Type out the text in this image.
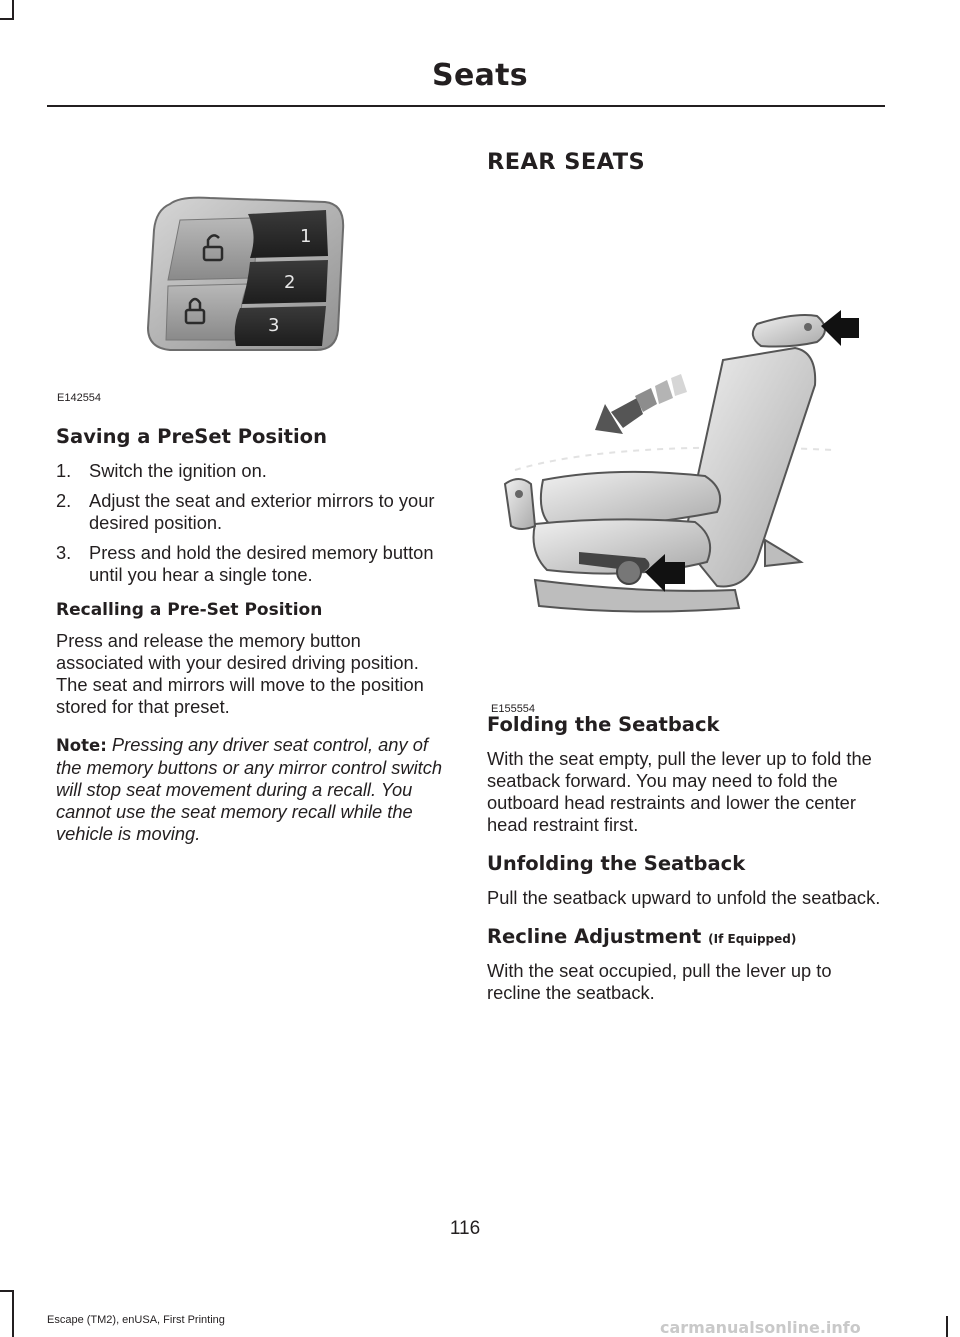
Seats
1
2
3
E142554
Saving a PreSet Position
1. Switch the ignition on.
2. Adjust the seat and exterior mirrors to your desired position.
3. Press and hold the desired memory button until you hear a single tone.
Recalling a Pre-Set Position

Press and release the memory button associated with your desired driving position. The seat and mirrors will move to the position stored for that preset.

Note: Pressing any driver seat control, any of the memory buttons or any mirror control switch will stop seat movement during a recall. You cannot use the seat memory recall while the vehicle is moving.

REAR SEATS
E155554
Folding the Seatback

With the seat empty, pull the lever up to fold the seatback forward. You may need to fold the outboard head restraints and lower the center head restraint first.

Unfolding the Seatback

Pull the seatback upward to unfold the seatback.

Recline Adjustment (If Equipped)

With the seat occupied, pull the lever up to recline the seatback.

116
Escape (TM2), enUSA, First Printing	carmanualsonline.info
